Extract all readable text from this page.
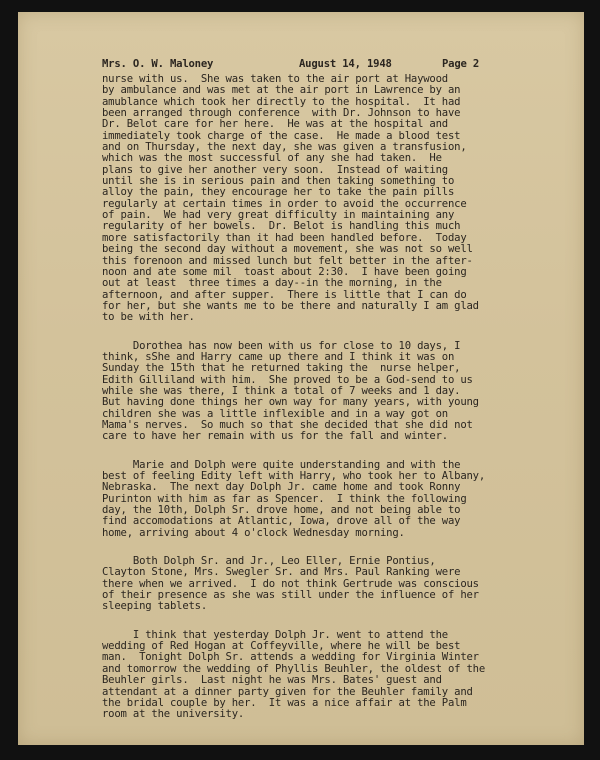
Mrs. O. W. Maloney	August 14, 1948	Page 2
nurse with us.  She was taken to the air port at Haywood
by ambulance and was met at the air port in Lawrence by an
amublance which took her directly to the hospital.  It had
been arranged through conference  with Dr. Johnson to have
Dr. Belot care for her here.  He was at the hospital and
immediately took charge of the case.  He made a blood test
and on Thursday, the next day, she was given a transfusion,
which was the most successful of any she had taken.  He
plans to give her another very soon.  Instead of waiting
until she is in serious pain and then taking something to
alloy the pain, they encourage her to take the pain pills
regularly at certain times in order to avoid the occurrence
of pain.  We had very great difficulty in maintaining any
regularity of her bowels.  Dr. Belot is handling this much
more satisfactorily than it had been handled before.  Today
being the second day without a movement, she was not so well
this forenoon and missed lunch but felt better in the after-
noon and ate some mil  toast about 2:30.  I have been going
out at least  three times a day--in the morning, in the
afternoon, and after supper.  There is little that I can do
for her, but she wants me to be there and naturally I am glad
to be with her.
Dorothea has now been with us for close to 10 days, I
think, sShe and Harry came up there and I think it was on
Sunday the 15th that he returned taking the  nurse helper,
Edith Gilliland with him.  She proved to be a God-send to us
while she was there, I think a total of 7 weeks and 1 day.
But having done things her own way for many years, with young
children she was a little inflexible and in a way got on
Mama's nerves.  So much so that she decided that she did not
care to have her remain with us for the fall and winter.
Marie and Dolph were quite understanding and with the
best of feeling Edity left with Harry, who took her to Albany,
Nebraska.  The next day Dolph Jr. came home and took Ronny
Purinton with him as far as Spencer.  I think the following
day, the 10th, Dolph Sr. drove home, and not being able to
find accomodations at Atlantic, Iowa, drove all of the way
home, arriving about 4 o'clock Wednesday morning.
Both Dolph Sr. and Jr., Leo Eller, Ernie Pontius,
Clayton Stone, Mrs. Swegler Sr. and Mrs. Paul Ranking were
there when we arrived.  I do not think Gertrude was conscious
of their presence as she was still under the influence of her
sleeping tablets.
I think that yesterday Dolph Jr. went to attend the
wedding of Red Hogan at Coffeyville, where he will be best
man.  Tonight Dolph Sr. attends a wedding for Virginia Winter
and tomorrow the wedding of Phyllis Beuhler, the oldest of the
Beuhler girls.  Last night he was Mrs. Bates' guest and
attendant at a dinner party given for the Beuhler family and
the bridal couple by her.  It was a nice affair at the Palm
room at the university.
